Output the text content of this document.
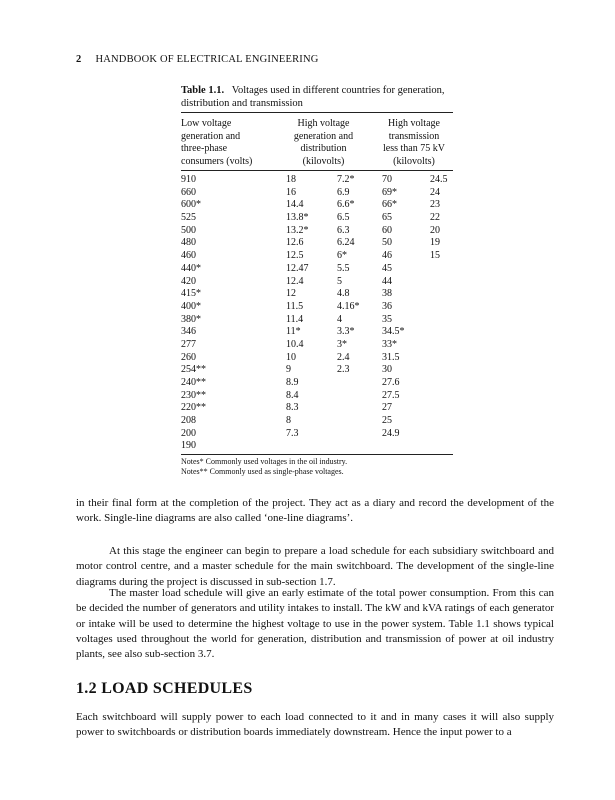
2 HANDBOOK OF ELECTRICAL ENGINEERING
Table 1.1. Voltages used in different countries for generation, distribution and transmission
Low voltage
generation and
three-phase
consumers (volts)
High voltage
generation and
distribution
(kilovolts)
High voltage
transmission
less than 75 kV
(kilovolts)
910
660
600*
525
500
480
460
440*
420
415*
400*
380*
346
277
260
254**
240**
230**
220**
208
200
190
18
16
14.4
13.8*
13.2*
12.6
12.5
12.47
12.4
12
11.5
11.4
11*
10.4
10
9
8.9
8.4
8.3
8
7.3
7.2*
6.9
6.6*
6.5
6.3
6.24
6*
5.5
5
4.8
4.16*
4
3.3*
3*
2.4
2.3
70
69*
66*
65
60
50
46
45
44
38
36
35
34.5*
33*
31.5
30
27.6
27.5
27
25
24.9
24.5
24
23
22
20
19
15
Notes* Commonly used voltages in the oil industry.
Notes** Commonly used as single-phase voltages.

in their final form at the completion of the project. They act as a diary and record the development of the work. Single-line diagrams are also called ‘one-line diagrams’.

At this stage the engineer can begin to prepare a load schedule for each subsidiary switchboard and motor control centre, and a master schedule for the main switchboard. The development of the single-line diagrams during the project is discussed in sub-section 1.7.

The master load schedule will give an early estimate of the total power consumption. From this can be decided the number of generators and utility intakes to install. The kW and kVA ratings of each generator or intake will be used to determine the highest voltage to use in the power system. Table 1.1 shows typical voltages used throughout the world for generation, distribution and transmission of power at oil industry plants, see also sub-section 3.7.

1.2 LOAD SCHEDULES

Each switchboard will supply power to each load connected to it and in many cases it will also supply power to switchboards or distribution boards immediately downstream. Hence the input power to a
